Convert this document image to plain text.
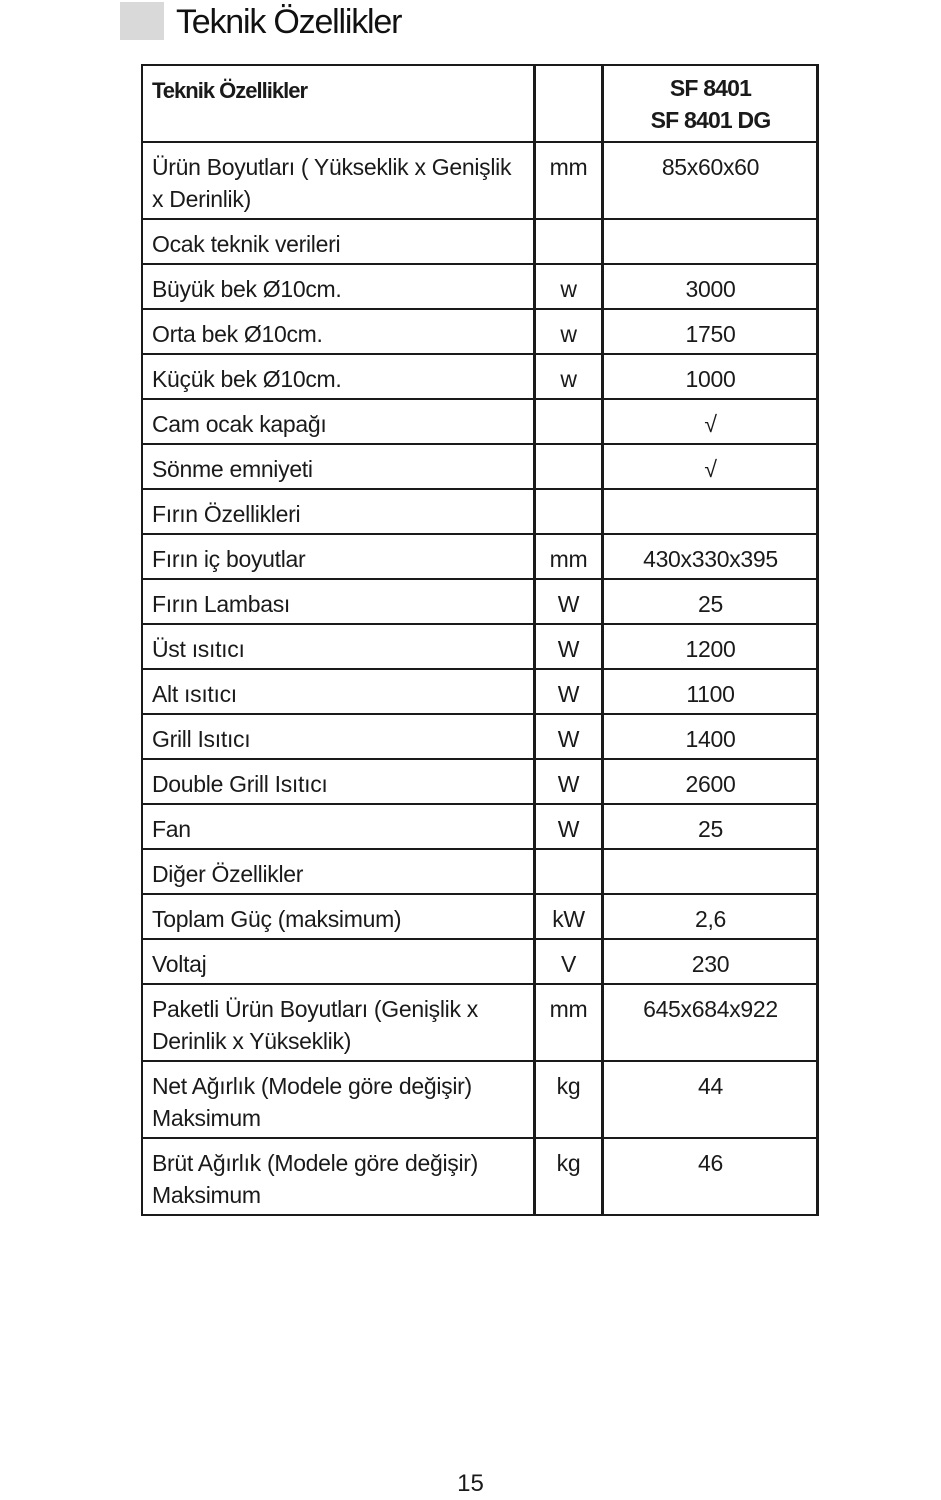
Teknik Özellikler
Teknik Özellikler		SF 8401
SF 8401 DG

Ürün Boyutları ( Yükseklik x Genişlik x Derinlik)	mm	85x60x60
Ocak teknik verileri		
Büyük bek Ø10cm.	w	3000
Orta bek Ø10cm.	w	1750
Küçük bek Ø10cm.	w	1000
Cam ocak kapağı		√
Sönme emniyeti		√
Fırın Özellikleri		
Fırın iç boyutlar	mm	430x330x395
Fırın Lambası	W	25
Üst ısıtıcı	W	1200
Alt ısıtıcı	W	1100
Grill Isıtıcı	W	1400
Double Grill Isıtıcı	W	2600
Fan	W	25
Diğer Özellikler		
Toplam Güç (maksimum)	kW	2,6
Voltaj	V	230
Paketli Ürün Boyutları (Genişlik x Derinlik x Yükseklik)	mm	645x684x922
Net Ağırlık (Modele göre değişir) Maksimum	kg	44
Brüt Ağırlık (Modele göre değişir) Maksimum	kg	46
15
